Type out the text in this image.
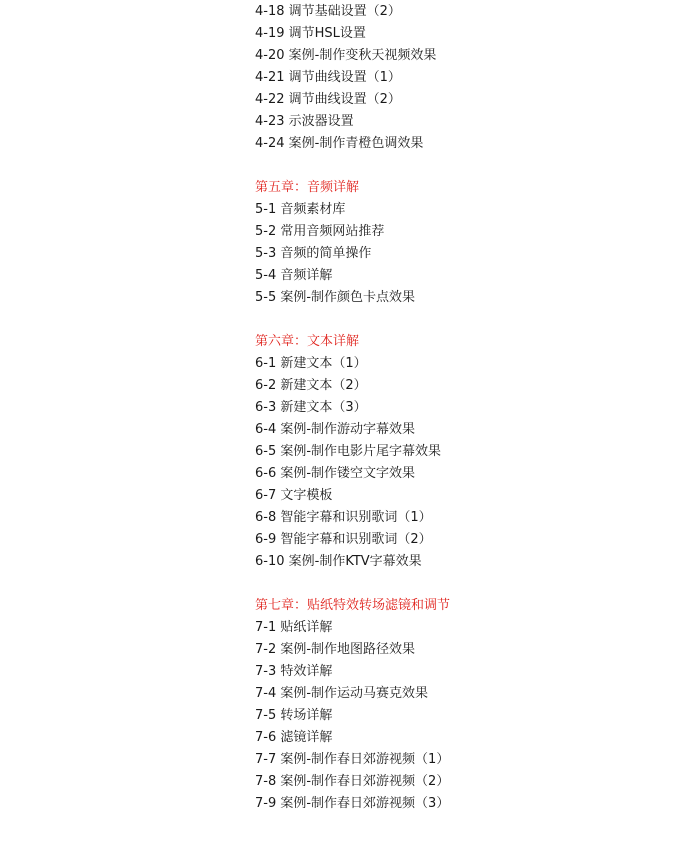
4-18 调节基础设置（2）
4-19 调节HSL设置
4-20 案例-制作变秋天视频效果
4-21 调节曲线设置（1）
4-22 调节曲线设置（2）
4-23 示波器设置
4-24 案例-制作青橙色调效果
第五章：音频详解
5-1 音频素材库
5-2 常用音频网站推荐
5-3 音频的简单操作
5-4 音频详解
5-5 案例-制作颜色卡点效果
第六章：文本详解
6-1 新建文本（1）
6-2 新建文本（2）
6-3 新建文本（3）
6-4 案例-制作游动字幕效果
6-5 案例-制作电影片尾字幕效果
6-6 案例-制作镂空文字效果
6-7 文字模板
6-8 智能字幕和识别歌词（1）
6-9 智能字幕和识别歌词（2）
6-10 案例-制作KTV字幕效果
第七章：贴纸特效转场滤镜和调节
7-1 贴纸详解
7-2 案例-制作地图路径效果
7-3 特效详解
7-4 案例-制作运动马赛克效果
7-5 转场详解
7-6 滤镜详解
7-7 案例-制作春日郊游视频（1）
7-8 案例-制作春日郊游视频（2）
7-9 案例-制作春日郊游视频（3）
